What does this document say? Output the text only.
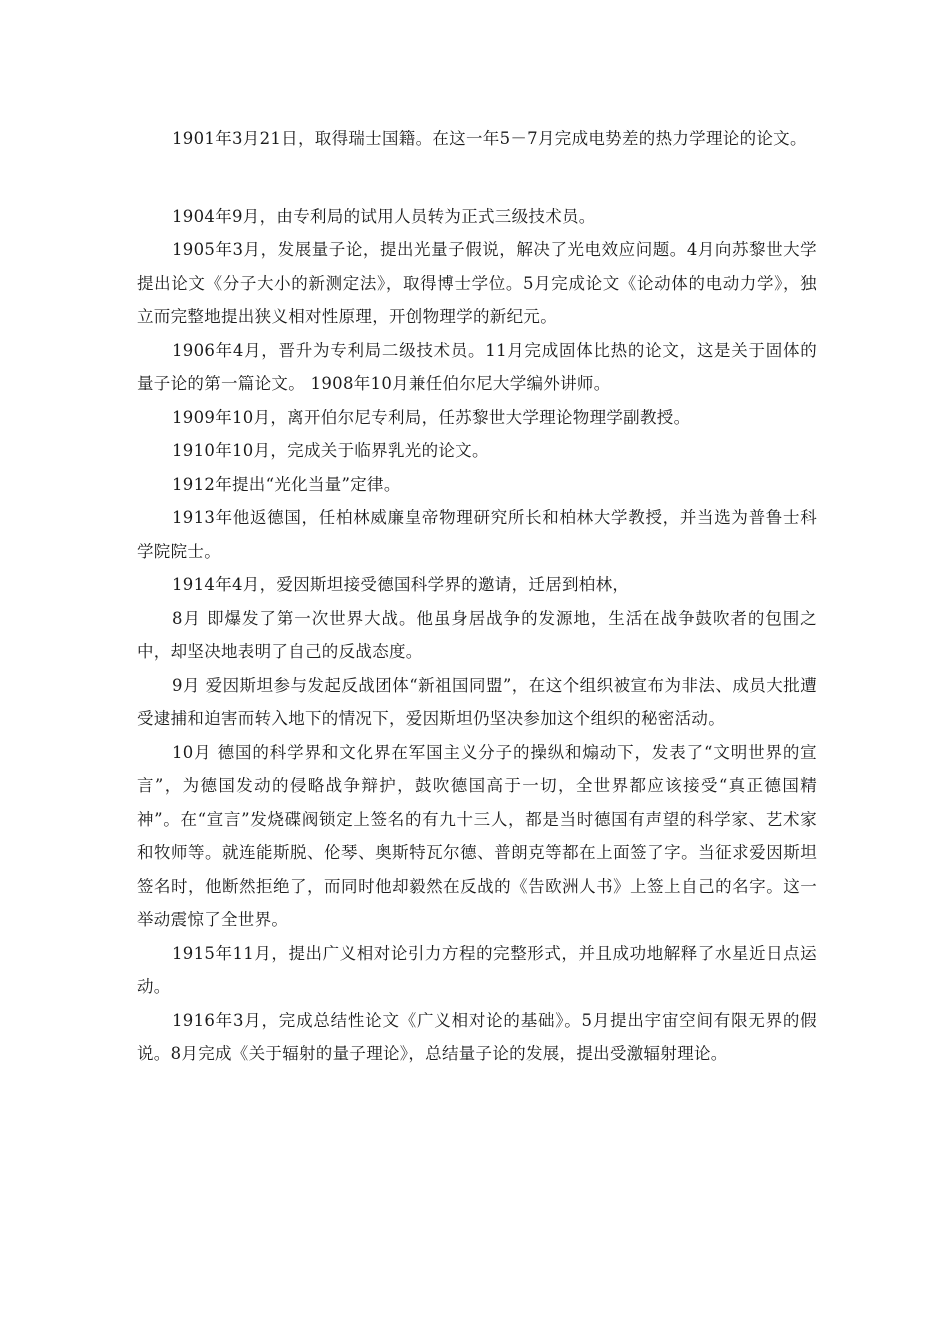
1901年3月21日，取得瑞士国籍。在这一年5－7月完成电势差的热力学理论的论文。

1904年9月，由专利局的试用人员转为正式三级技术员。

1905年3月，发展量子论，提出光量子假说，解决了光电效应问题。4月向苏黎世大学提出论文《分子大小的新测定法》，取得博士学位。5月完成论文《论动体的电动力学》，独立而完整地提出狭义相对性原理，开创物理学的新纪元。

1906年4月，晋升为专利局二级技术员。11月完成固体比热的论文，这是关于固体的量子论的第一篇论文。 1908年10月兼任伯尔尼大学编外讲师。

1909年10月，离开伯尔尼专利局，任苏黎世大学理论物理学副教授。

1910年10月，完成关于临界乳光的论文。

1912年提出“光化当量”定律。

1913年他返德国，任柏林威廉皇帝物理研究所长和柏林大学教授，并当选为普鲁士科学院院士。

1914年4月，爱因斯坦接受德国科学界的邀请，迁居到柏林，

8月 即爆发了第一次世界大战。他虽身居战争的发源地，生活在战争鼓吹者的包围之中，却坚决地表明了自己的反战态度。

9月 爱因斯坦参与发起反战团体“新祖国同盟”，在这个组织被宣布为非法、成员大批遭受逮捕和迫害而转入地下的情况下，爱因斯坦仍坚决参加这个组织的秘密活动。

10月 德国的科学界和文化界在军国主义分子的操纵和煽动下，发表了“文明世界的宣言”，为德国发动的侵略战争辩护，鼓吹德国高于一切，全世界都应该接受“真正德国精神”。在“宣言”发烧碟阀锁定上签名的有九十三人，都是当时德国有声望的科学家、艺术家和牧师等。就连能斯脱、伦琴、奥斯特瓦尔德、普朗克等都在上面签了字。当征求爱因斯坦签名时，他断然拒绝了，而同时他却毅然在反战的《告欧洲人书》上签上自己的名字。这一举动震惊了全世界。

1915年11月，提出广义相对论引力方程的完整形式，并且成功地解释了水星近日点运动。

1916年3月，完成总结性论文《广义相对论的基础》。5月提出宇宙空间有限无界的假说。8月完成《关于辐射的量子理论》，总结量子论的发展，提出受激辐射理论。
